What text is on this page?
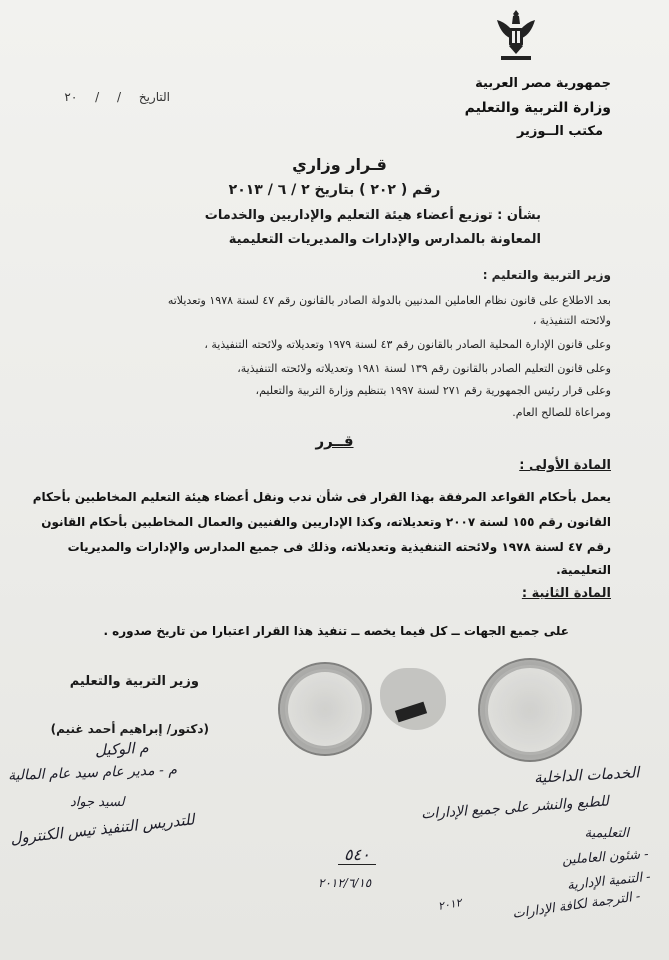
جمهورية مصر العربية
وزارة التربية والتعليم
مكتب الــوزير
التاريخ / / ٢٠
قـرار وزاري
رقم ( ٢٠٢ ) بتاريخ ٢ / ٦ / ٢٠١٣
بشأن : توزيع أعضاء هيئة التعليم والإداريين والخدمات
المعاونة بالمدارس والإدارات والمديريات التعليمية
وزير التربية والتعليم :
بعد الاطلاع على قانون نظام العاملين المدنيين بالدولة الصادر بالقانون رقم ٤٧ لسنة ١٩٧٨ وتعديلاته
ولائحته التنفيذية ،
وعلى قانون الإدارة المحلية الصادر بالقانون رقم ٤٣ لسنة ١٩٧٩ وتعديلاته ولائحته التنفيذية ،
وعلى قانون التعليم الصادر بالقانون رقم ١٣٩ لسنة ١٩٨١ وتعديلاته ولائحته التنفيذية،
وعلى قرار رئيس الجمهورية رقم ٢٧١ لسنة ١٩٩٧ بتنظيم وزارة التربية والتعليم،
ومراعاة للصالح العام.
قــرر
المادة الأولى :
يعمل بأحكام القواعد المرفقة بهذا القرار فى شأن ندب ونقل أعضاء هيئة التعليم المخاطبين بأحكام
القانون رقم ١٥٥ لسنة ٢٠٠٧ وتعديلاته، وكذا الإداريين والفنيين والعمال المخاطبين بأحكام القانون
رقم ٤٧ لسنة ١٩٧٨ ولائحته التنفيذية وتعديلاته، وذلك فى جميع المدارس والإدارات والمديريات
التعليمية.
المادة الثانية :
على جميع الجهات ــ كل فيما يخصه ــ تنفيذ هذا القرار اعتبارا من تاريخ صدوره .
وزير التربية والتعليم
(دكتور/ إبراهيم أحمد غنيم)
م الوكيل
م - مدير عام سيد عام المالية
لسيد جواد
للتدريس التنفيذ تيس الكنترول
الخدمات الداخلية
للطبع والنشر على جميع الإدارات
التعليمية
- شئون العاملين
- التنمية الإدارية
- الترجمة لكافة الإدارات
٢٠١٢
٥٤٠
٢٠١٢/٦/١٥
